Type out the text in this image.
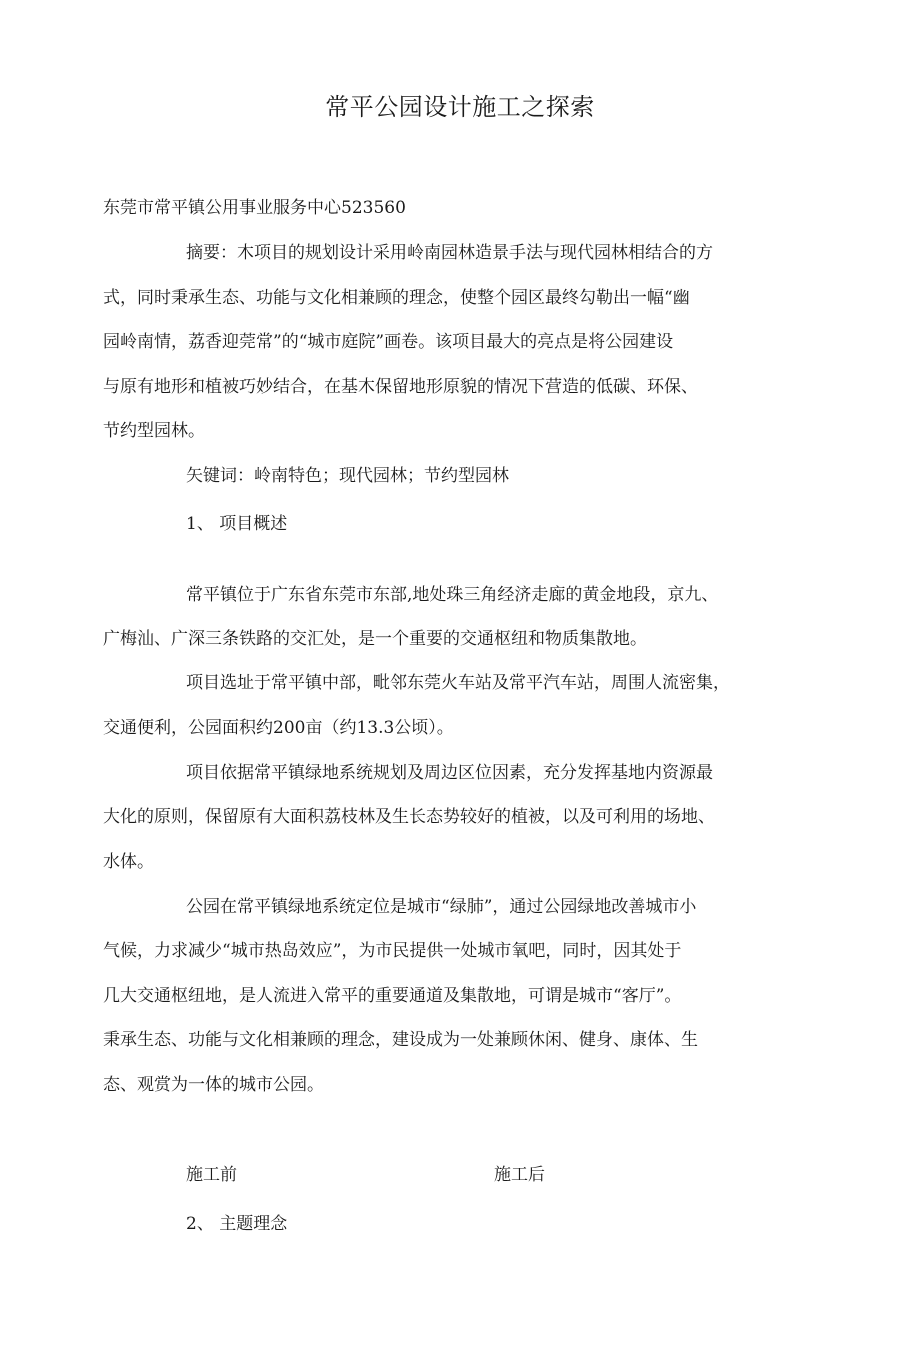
常平公园设计施工之探索
东莞市常平镇公用事业服务中心523560
摘要：木项目的规划设计采用岭南园林造景手法与现代园林相结合的方
式，同时秉承生态、功能与文化相兼顾的理念，使整个园区最终勾勒出一幅“幽
园岭南情，荔香迎莞常”的“城市庭院”画卷。该项目最大的亮点是将公园建设
与原有地形和植被巧妙结合，在基木保留地形原貌的情况下营造的低碳、环保、
节约型园林。
矢键词：岭南特色；现代园林；节约型园林
1、 项目概述
常平镇位于广东省东莞市东部,地处珠三角经济走廊的黄金地段，京九、
广梅汕、广深三条铁路的交汇处，是一个重要的交通枢纽和物质集散地。
项目选址于常平镇中部，毗邻东莞火车站及常平汽车站，周围人流密集，
交通便利，公园面积约200亩（约13.3公顷）。
项目依据常平镇绿地系统规划及周边区位因素，充分发挥基地内资源最
大化的原则，保留原有大面积荔枝林及生长态势较好的植被，以及可利用的场地、
水体。
公园在常平镇绿地系统定位是城市“绿肺”，通过公园绿地改善城市小
气候，力求减少“城市热岛效应”，为市民提供一处城市氧吧，同时，因其处于
几大交通枢纽地，是人流进入常平的重要通道及集散地，可谓是城市“客厅”。
秉承生态、功能与文化相兼顾的理念，建设成为一处兼顾休闲、健身、康体、生
态、观赏为一体的城市公园。
施工前	施工后
2、 主题理念
